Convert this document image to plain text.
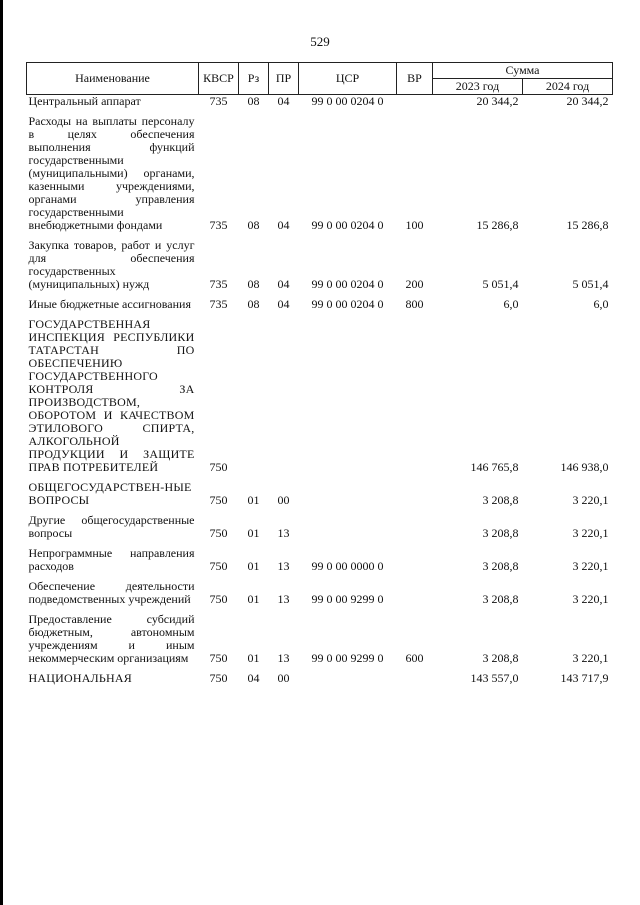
529
Наименование	КВСР	Рз	ПР	ЦСР	ВР	Сумма	
						2023 год	2024 год
Центральный аппарат	735	08	04	99 0 00 0204 0		20 344,2	20 344,2
Расходы на выплаты персоналу в целях обеспечения выполнения функций государственными (муниципальными) органами, казенными учреждениями, органами управления государственными внебюджетными фондами	735	08	04	99 0 00 0204 0	100	15 286,8	15 286,8
Закупка товаров, работ и услуг для обеспечения государственных (муниципальных) нужд	735	08	04	99 0 00 0204 0	200	5 051,4	5 051,4
Иные бюджетные ассигнования	735	08	04	99 0 00 0204 0	800	6,0	6,0
ГОСУДАРСТВЕННАЯ ИНСПЕКЦИЯ РЕСПУБЛИКИ ТАТАРСТАН ПО ОБЕСПЕЧЕНИЮ ГОСУДАРСТВЕННОГО КОНТРОЛЯ ЗА ПРОИЗВОДСТВОМ, ОБОРОТОМ И КАЧЕСТВОМ ЭТИЛОВОГО СПИРТА, АЛКОГОЛЬНОЙ ПРОДУКЦИИ И ЗАЩИТЕ ПРАВ ПОТРЕБИТЕЛЕЙ	750					146 765,8	146 938,0
ОБЩЕГОСУДАРСТВЕН-НЫЕ ВОПРОСЫ	750	01	00			3 208,8	3 220,1
Другие общегосударственные вопросы	750	01	13			3 208,8	3 220,1
Непрограммные направления расходов	750	01	13	99 0 00 0000 0		3 208,8	3 220,1
Обеспечение деятельности подведомственных учреждений	750	01	13	99 0 00 9299 0		3 208,8	3 220,1
Предоставление субсидий бюджетным, автономным учреждениям и иным некоммерческим организациям	750	01	13	99 0 00 9299 0	600	3 208,8	3 220,1
НАЦИОНАЛЬНАЯ	750	04	00			143 557,0	143 717,9
